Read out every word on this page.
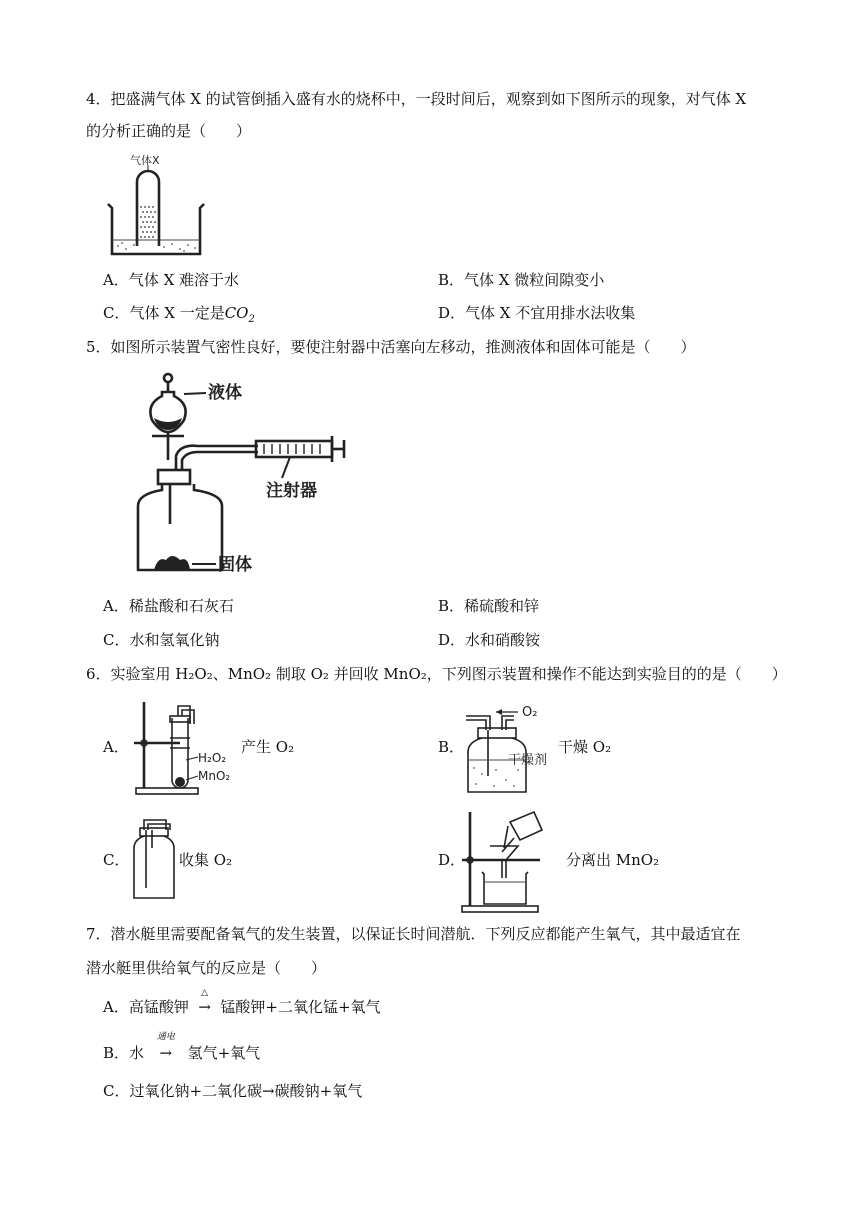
4．把盛满气体 X 的试管倒插入盛有水的烧杯中，一段时间后，观察到如下图所示的现象，对气体 X
的分析正确的是（　　）
气体X
A．气体 X 难溶于水	B．气体 X 微粒间隙变小
C．气体 X 一定是$CO_2$	D．气体 X 不宜用排水法收集
5．如图所示装置气密性良好，要使注射器中活塞向左移动，推测液体和固体可能是（　　）
液体
注射器
固体
A．稀盐酸和石灰石	B．稀硫酸和锌
C．水和氢氧化钠	D．水和硝酸铵
6．实验室用 H₂O₂、MnO₂ 制取 O₂ 并回收 MnO₂，下列图示装置和操作不能达到实验目的的是（　　）
A．
H₂O₂
MnO₂
产生 O₂	B．
O₂
干燥剂
干燥 O₂
C．	收集 O₂	D．	分离出 MnO₂
7．潜水艇里需要配备氧气的发生装置，以保证长时间潜航．下列反应都能产生氧气，其中最适宜在
潜水艇里供给氧气的反应是（　　）
A．高锰酸钾
△
→ 锰酸钾+二氧化锰+氧气
B．水
通电
→ 氢气+氧气
C．过氧化钠+二氧化碳→碳酸钠+氧气
